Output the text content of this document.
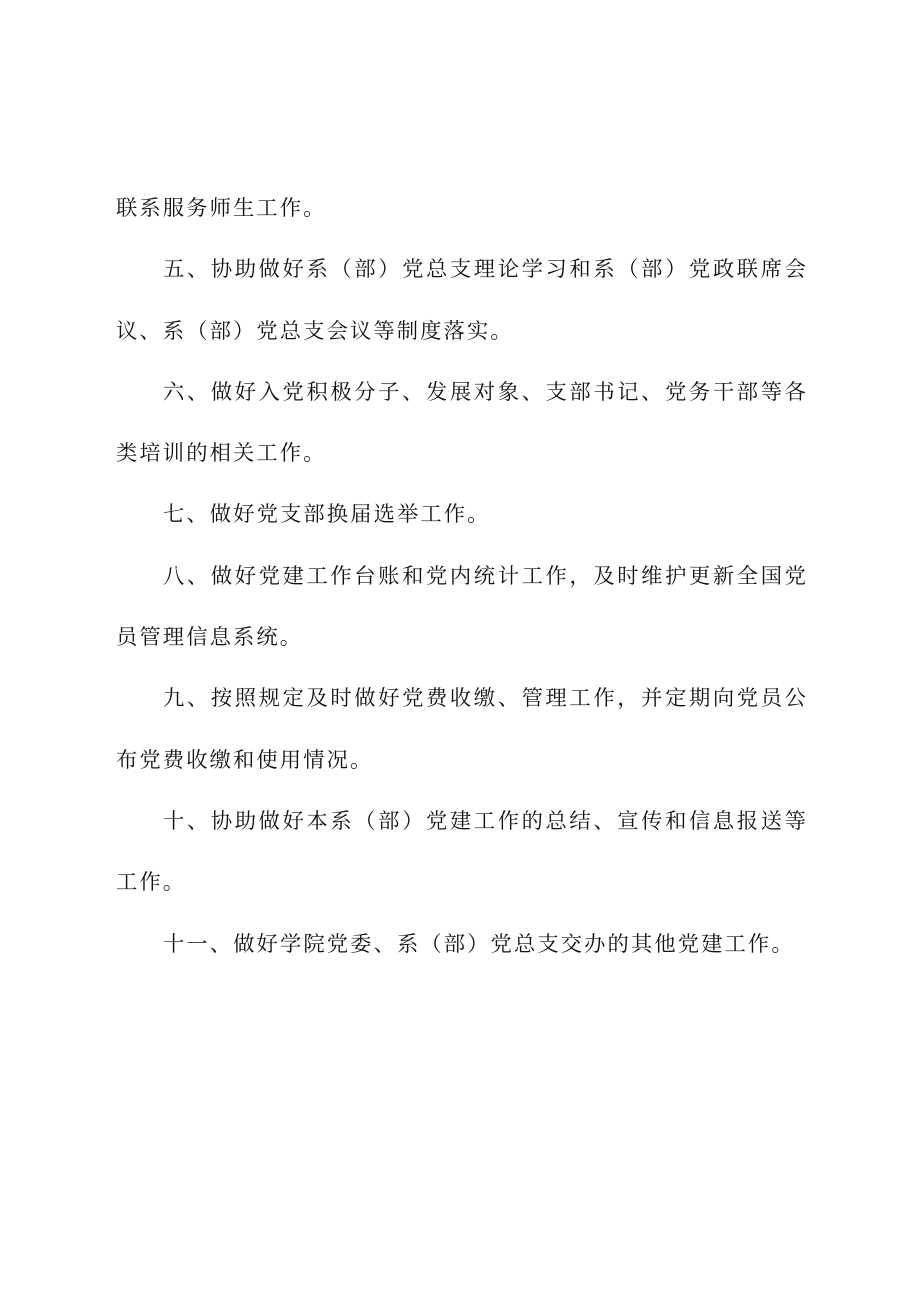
联系服务师生工作。

五、协助做好系（部）党总支理论学习和系（部）党政联席会议、系（部）党总支会议等制度落实。

六、做好入党积极分子、发展对象、支部书记、党务干部等各类培训的相关工作。

七、做好党支部换届选举工作。

八、做好党建工作台账和党内统计工作，及时维护更新全国党员管理信息系统。

九、按照规定及时做好党费收缴、管理工作，并定期向党员公布党费收缴和使用情况。

十、协助做好本系（部）党建工作的总结、宣传和信息报送等工作。

十一、做好学院党委、系（部）党总支交办的其他党建工作。
